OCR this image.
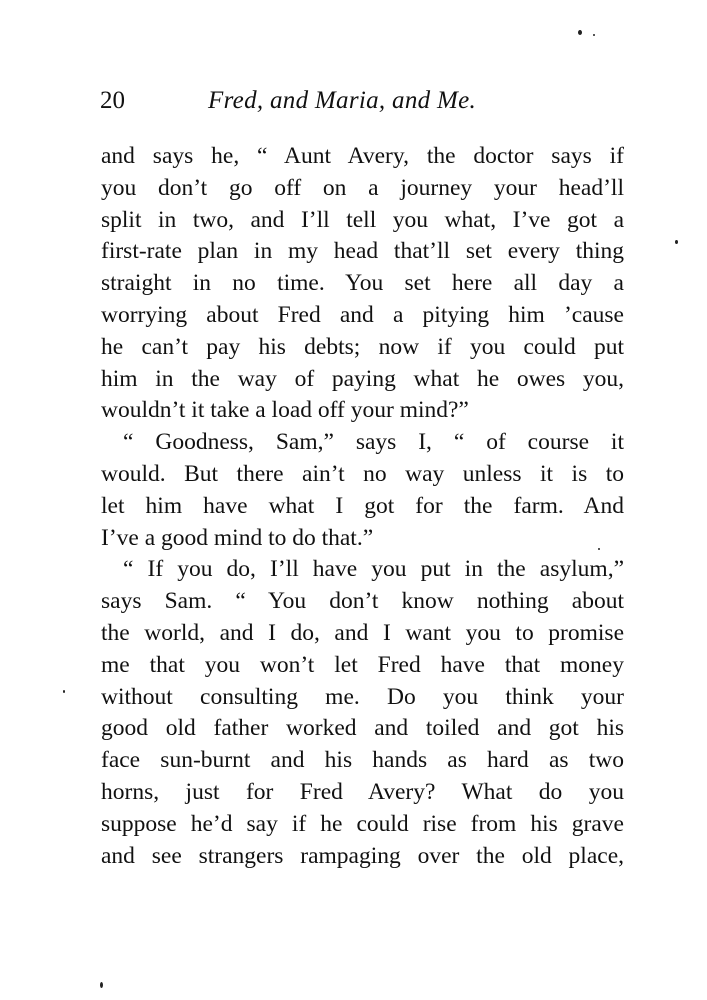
20	Fred, and Maria, and Me.
and says he, “ Aunt Avery, the doctor says if
you don’t go off on a journey your head’ll
split in two, and I’ll tell you what, I’ve got a
first-rate plan in my head that’ll set every thing
straight in no time. You set here all day a
worrying about Fred and a pitying him ’cause
he can’t pay his debts; now if you could put
him in the way of paying what he owes you,
wouldn’t it take a load off your mind?”
“ Goodness, Sam,” says I, “ of course it
would. But there ain’t no way unless it is to
let him have what I got for the farm. And
I’ve a good mind to do that.”
“ If you do, I’ll have you put in the asylum,”
says Sam. “ You don’t know nothing about
the world, and I do, and I want you to promise
me that you won’t let Fred have that money
without consulting me. Do you think your
good old father worked and toiled and got his
face sun-burnt and his hands as hard as two
horns, just for Fred Avery? What do you
suppose he’d say if he could rise from his grave
and see strangers rampaging over the old place,
